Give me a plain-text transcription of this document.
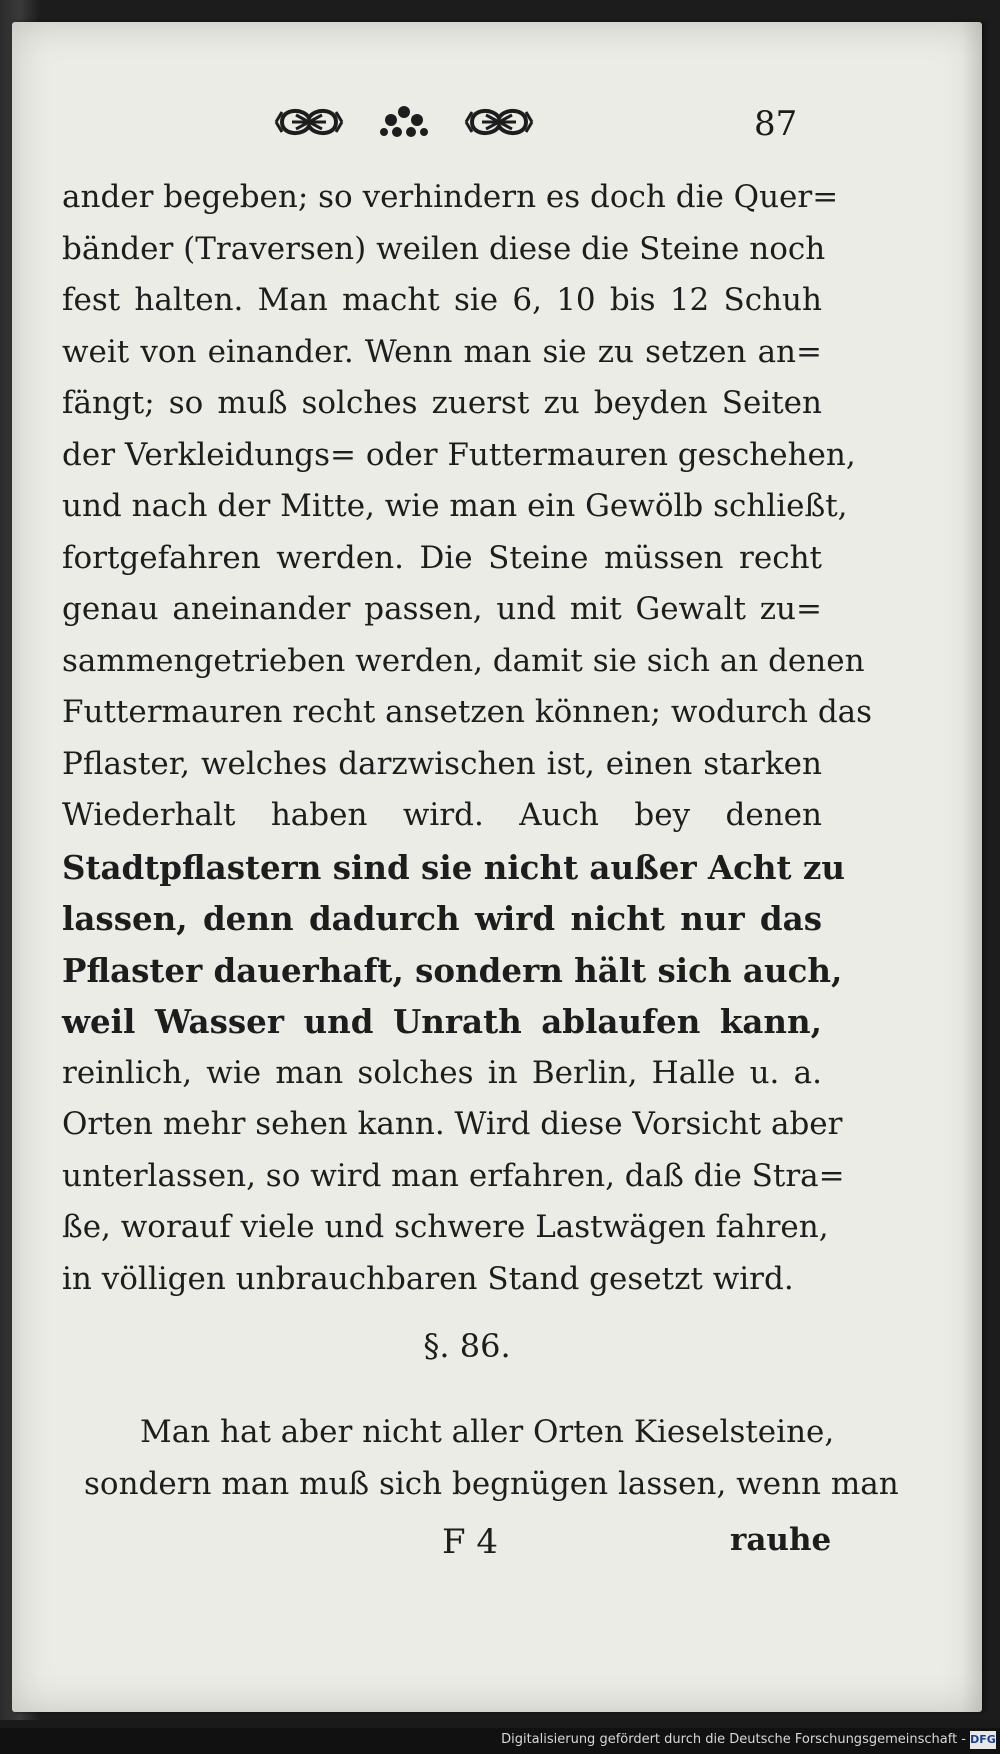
87
ander begeben; so verhindern es doch die Quer=
bänder (Traversen) weilen diese die Steine noch
fest halten. Man macht sie 6, 10 bis 12 Schuh
weit von einander. Wenn man sie zu setzen an=
fängt; so muß solches zuerst zu beyden Seiten
der Verkleidungs= oder Futtermauren geschehen,
und nach der Mitte, wie man ein Gewölb schließt,
fortgefahren werden. Die Steine müssen recht
genau aneinander passen, und mit Gewalt zu=
sammengetrieben werden, damit sie sich an denen
Futtermauren recht ansetzen können; wodurch das
Pflaster, welches darzwischen ist, einen starken
Wiederhalt haben wird. Auch bey denen
Stadtpflastern sind sie nicht außer Acht zu
lassen, denn dadurch wird nicht nur das
Pflaster dauerhaft, sondern hält sich auch,
weil Wasser und Unrath ablaufen kann,
reinlich, wie man solches in Berlin, Halle u. a.
Orten mehr sehen kann. Wird diese Vorsicht aber
unterlassen, so wird man erfahren, daß die Stra=
ße, worauf viele und schwere Lastwägen fahren,
in völligen unbrauchbaren Stand gesetzt wird.
§. 86.
Man hat aber nicht aller Orten Kieselsteine,
sondern man muß sich begnügen lassen, wenn man
F 4	rauhe
Digitalisierung gefördert durch die Deutsche Forschungsgemeinschaft - DFG
